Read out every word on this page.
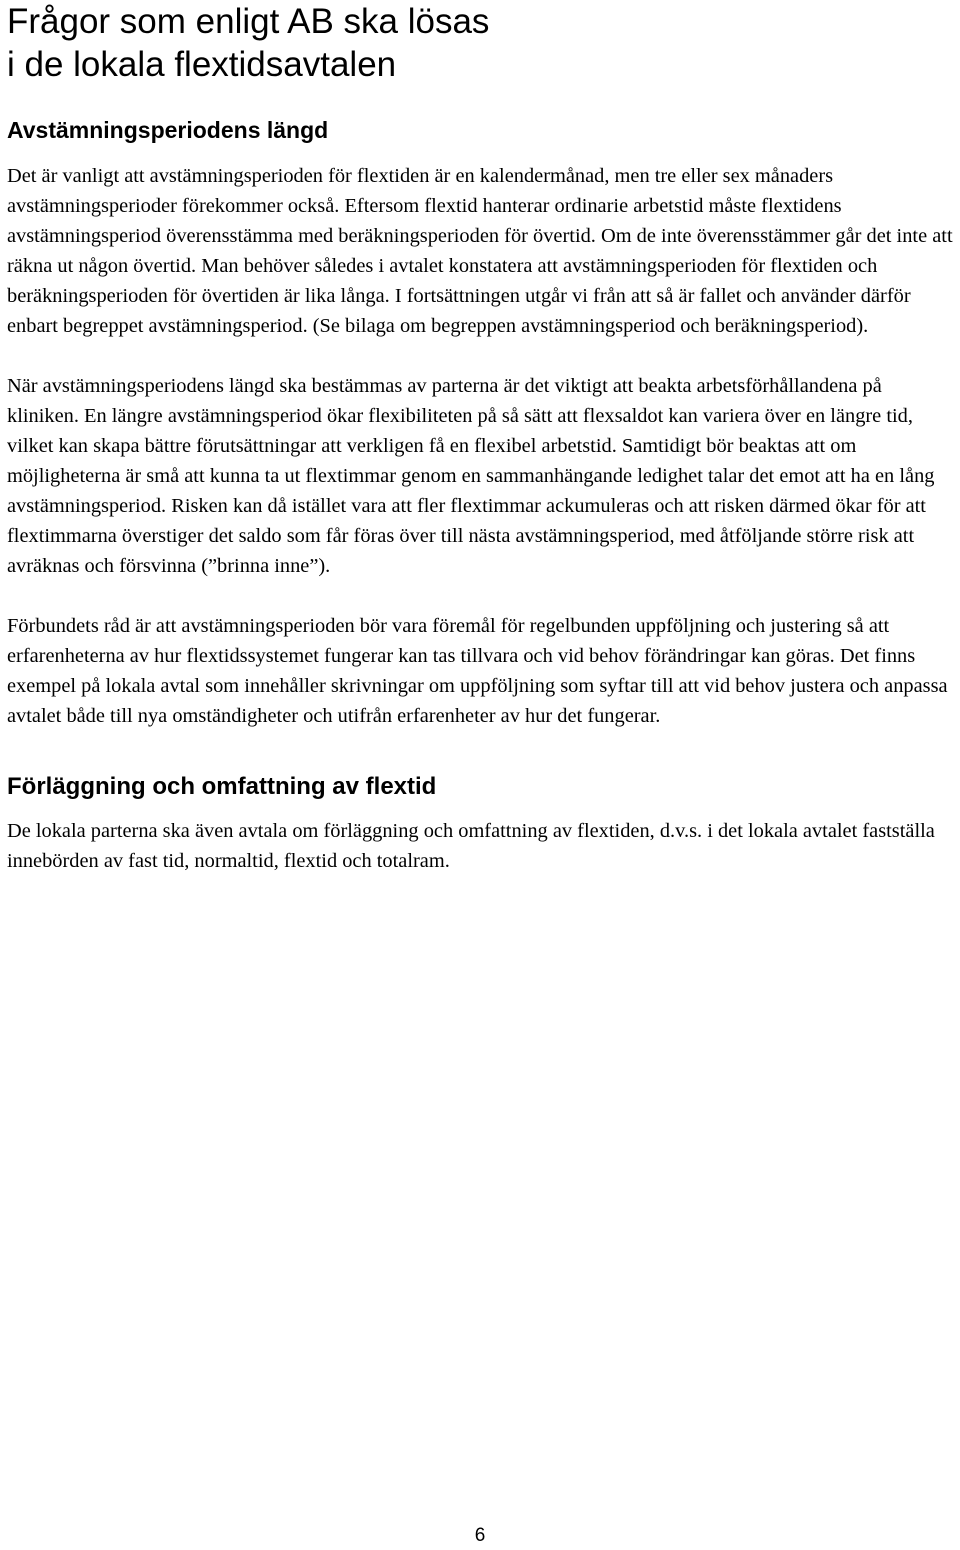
Frågor som enligt AB ska lösas
i de lokala flextidsavtalen
Avstämningsperiodens längd

Det är vanligt att avstämningsperioden för flextiden är en kalendermånad, men tre eller sex månaders avstämningsperioder förekommer också. Eftersom flextid hanterar ordinarie arbetstid måste flextidens avstämningsperiod överensstämma med beräkningsperioden för övertid. Om de inte överensstämmer går det inte att räkna ut någon övertid. Man behöver således i avtalet konstatera att avstämningsperioden för flextiden och beräkningsperioden för övertiden är lika långa. I fortsättningen utgår vi från att så är fallet och använder därför enbart begreppet avstämningsperiod. (Se bilaga om begreppen avstämningsperiod och beräkningsperiod).

När avstämningsperiodens längd ska bestämmas av parterna är det viktigt att beakta arbetsförhållandena på kliniken. En längre avstämningsperiod ökar flexibiliteten på så sätt att flexsaldot kan variera över en längre tid, vilket kan skapa bättre förutsättningar att verkligen få en flexibel arbetstid. Samtidigt bör beaktas att om möjligheterna är små att kunna ta ut flextimmar genom en sammanhängande ledighet talar det emot att ha en lång avstämningsperiod. Risken kan då istället vara att fler flextimmar ackumuleras och att risken därmed ökar för att flextimmarna överstiger det saldo som får föras över till nästa avstämningsperiod, med åtföljande större risk att avräknas och försvinna (”brinna inne”).

Förbundets råd är att avstämningsperioden bör vara föremål för regelbunden uppföljning och justering så att erfarenheterna av hur flextidssystemet fungerar kan tas tillvara och vid behov förändringar kan göras. Det finns exempel på lokala avtal som innehåller skrivningar om uppföljning som syftar till att vid behov justera och anpassa avtalet både till nya omständigheter och utifrån erfarenheter av hur det fungerar.

Förläggning och omfattning av flextid

De lokala parterna ska även avtala om förläggning och omfattning av flextiden, d.v.s. i det lokala avtalet fastställa innebörden av fast tid, normaltid, flextid och totalram.

6
